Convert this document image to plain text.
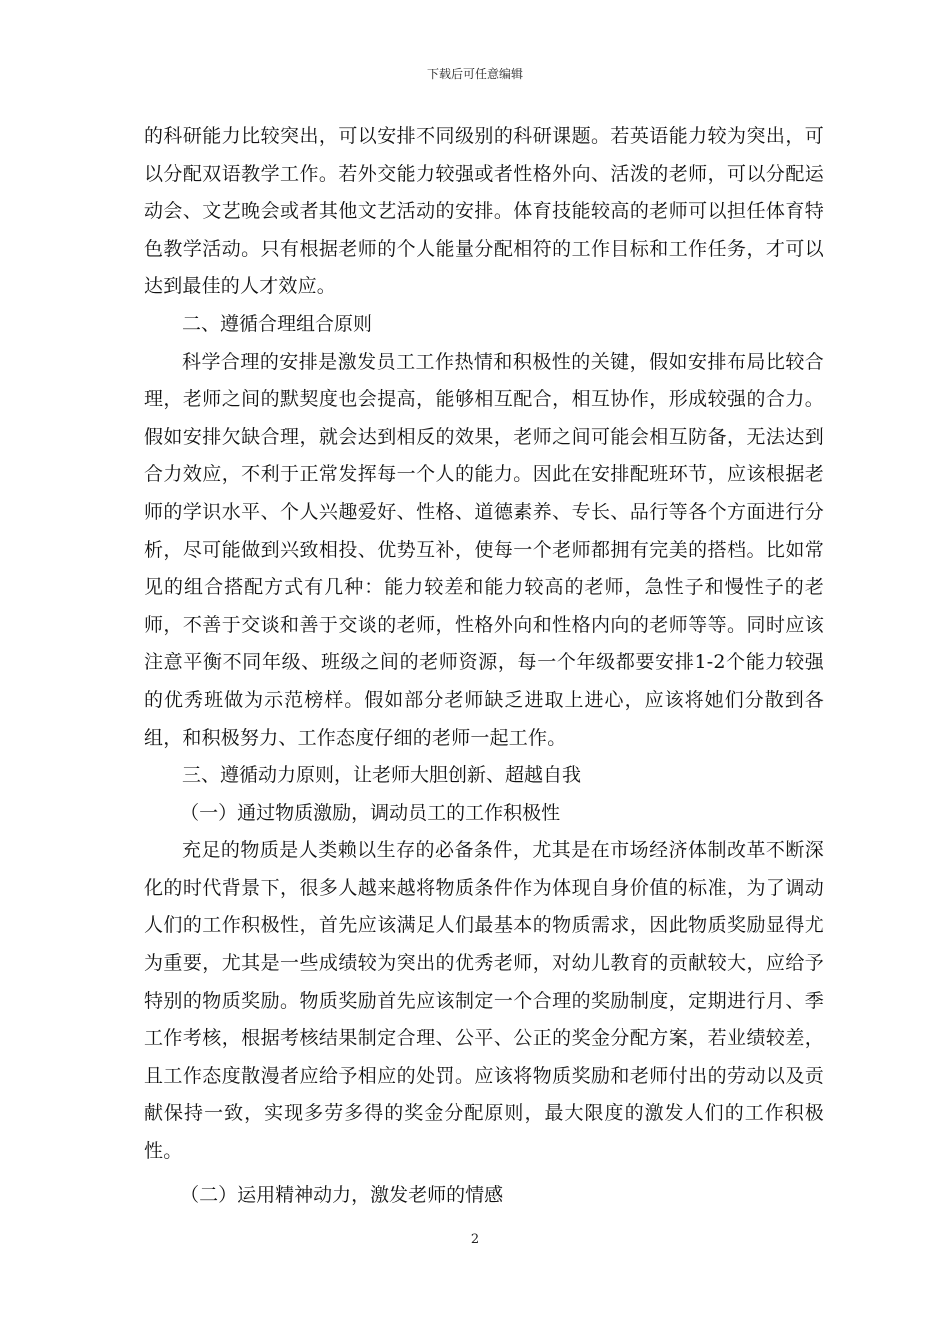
下载后可任意编辑

的科研能力比较突出，可以安排不同级别的科研课题。若英语能力较为突出，可以分配双语教学工作。若外交能力较强或者性格外向、活泼的老师，可以分配运动会、文艺晚会或者其他文艺活动的安排。体育技能较高的老师可以担任体育特色教学活动。只有根据老师的个人能量分配相符的工作目标和工作任务，才可以达到最佳的人才效应。

二、遵循合理组合原则

科学合理的安排是激发员工工作热情和积极性的关键，假如安排布局比较合理，老师之间的默契度也会提高，能够相互配合，相互协作，形成较强的合力。假如安排欠缺合理，就会达到相反的效果，老师之间可能会相互防备，无法达到合力效应，不利于正常发挥每一个人的能力。因此在安排配班环节，应该根据老师的学识水平、个人兴趣爱好、性格、道德素养、专长、品行等各个方面进行分析，尽可能做到兴致相投、优势互补，使每一个老师都拥有完美的搭档。比如常见的组合搭配方式有几种：能力较差和能力较高的老师，急性子和慢性子的老师，不善于交谈和善于交谈的老师，性格外向和性格内向的老师等等。同时应该注意平衡不同年级、班级之间的老师资源，每一个年级都要安排1-2个能力较强的优秀班做为示范榜样。假如部分老师缺乏进取上进心，应该将她们分散到各组，和积极努力、工作态度仔细的老师一起工作。

三、遵循动力原则，让老师大胆创新、超越自我

（一）通过物质激励，调动员工的工作积极性

充足的物质是人类赖以生存的必备条件，尤其是在市场经济体制改革不断深化的时代背景下，很多人越来越将物质条件作为体现自身价值的标准，为了调动人们的工作积极性，首先应该满足人们最基本的物质需求，因此物质奖励显得尤为重要，尤其是一些成绩较为突出的优秀老师，对幼儿教育的贡献较大，应给予特别的物质奖励。物质奖励首先应该制定一个合理的奖励制度，定期进行月、季工作考核，根据考核结果制定合理、公平、公正的奖金分配方案，若业绩较差，且工作态度散漫者应给予相应的处罚。应该将物质奖励和老师付出的劳动以及贡献保持一致，实现多劳多得的奖金分配原则，最大限度的激发人们的工作积极性。

（二）运用精神动力，激发老师的情感

2
